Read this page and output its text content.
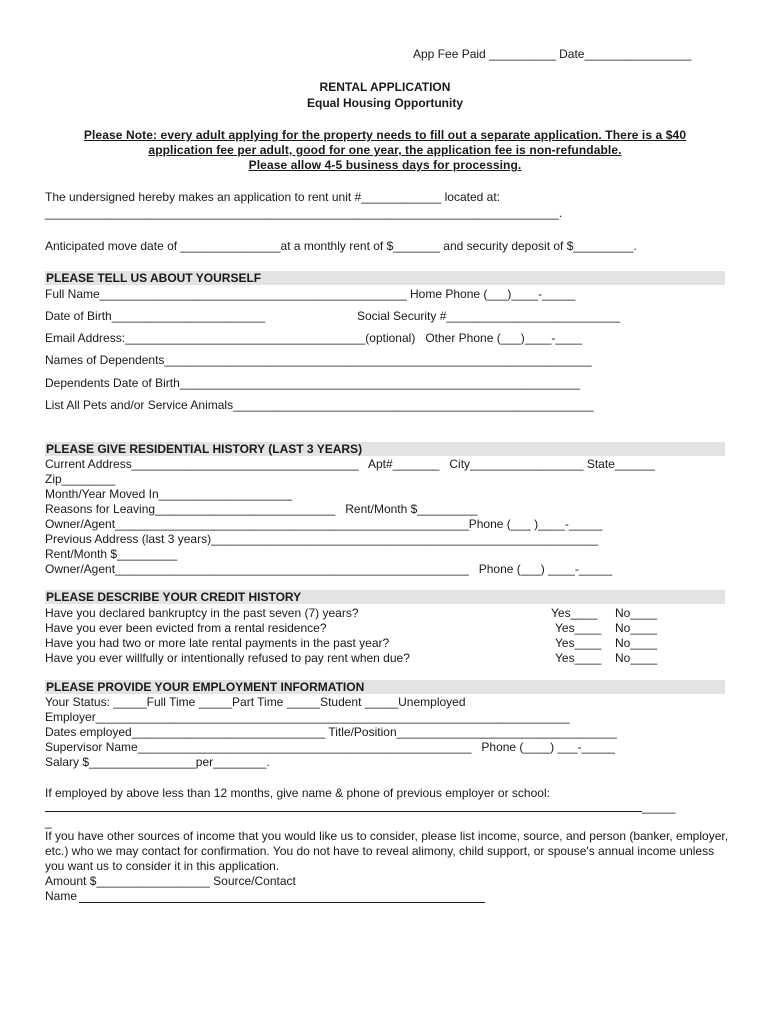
App Fee Paid __________ Date________________
RENTAL APPLICATION
Equal Housing Opportunity
Please Note: every adult applying for the property needs to fill out a separate application. There is a $40
application fee per adult, good for one year, the application fee is non-refundable.
Please allow 4-5 business days for processing.
The undersigned hereby makes an application to rent unit #____________ located at:
_____________________________________________________________________________.
Anticipated move date of _______________at a monthly rent of $_______ and security deposit of $_________.
PLEASE TELL US ABOUT YOURSELF
Full Name______________________________________________ Home Phone (___)____-_____
Date of Birth_______________________	Social Security #__________________________
Email Address:____________________________________(optional)   Other Phone (___)____-____
Names of Dependents________________________________________________________________
Dependents Date of Birth____________________________________________________________
List All Pets and/or Service Animals______________________________________________________
PLEASE GIVE RESIDENTIAL HISTORY (LAST 3 YEARS)
Current Address__________________________________   Apt#_______   City_________________ State______
Zip________
Month/Year Moved In____________________
Reasons for Leaving___________________________   Rent/Month $_________
Owner/Agent_____________________________________________________Phone (___ )____-_____
Previous Address (last 3 years)__________________________________________________________
Rent/Month $_________
Owner/Agent_____________________________________________________   Phone (___) ____-_____
PLEASE DESCRIBE YOUR CREDIT HISTORY
Have you declared bankruptcy in the past seven (7) years?	Yes____ No____
Have you ever been evicted from a rental residence?	Yes____ No____
Have you had two or more late rental payments in the past year?	Yes____ No____
Have you ever willfully or intentionally refused to pay rent when due?	Yes____ No____
PLEASE PROVIDE YOUR EMPLOYMENT INFORMATION
Your Status: _____Full Time _____Part Time _____Student _____Unemployed
Employer_______________________________________________________________________
Dates employed_____________________________ Title/Position_________________________________
Supervisor Name__________________________________________________   Phone (____) ___-_____
Salary $________________per________.
If employed by above less than 12 months, give name & phone of previous employer or school:
_____
_
If you have other sources of income that you would like us to consider, please list income, source, and person (banker, employer, etc.) who we may contact for confirmation. You do not have to reveal alimony, child support, or spouse's annual income unless you want us to consider it in this application.
Amount $_________________ Source/Contact
Name
